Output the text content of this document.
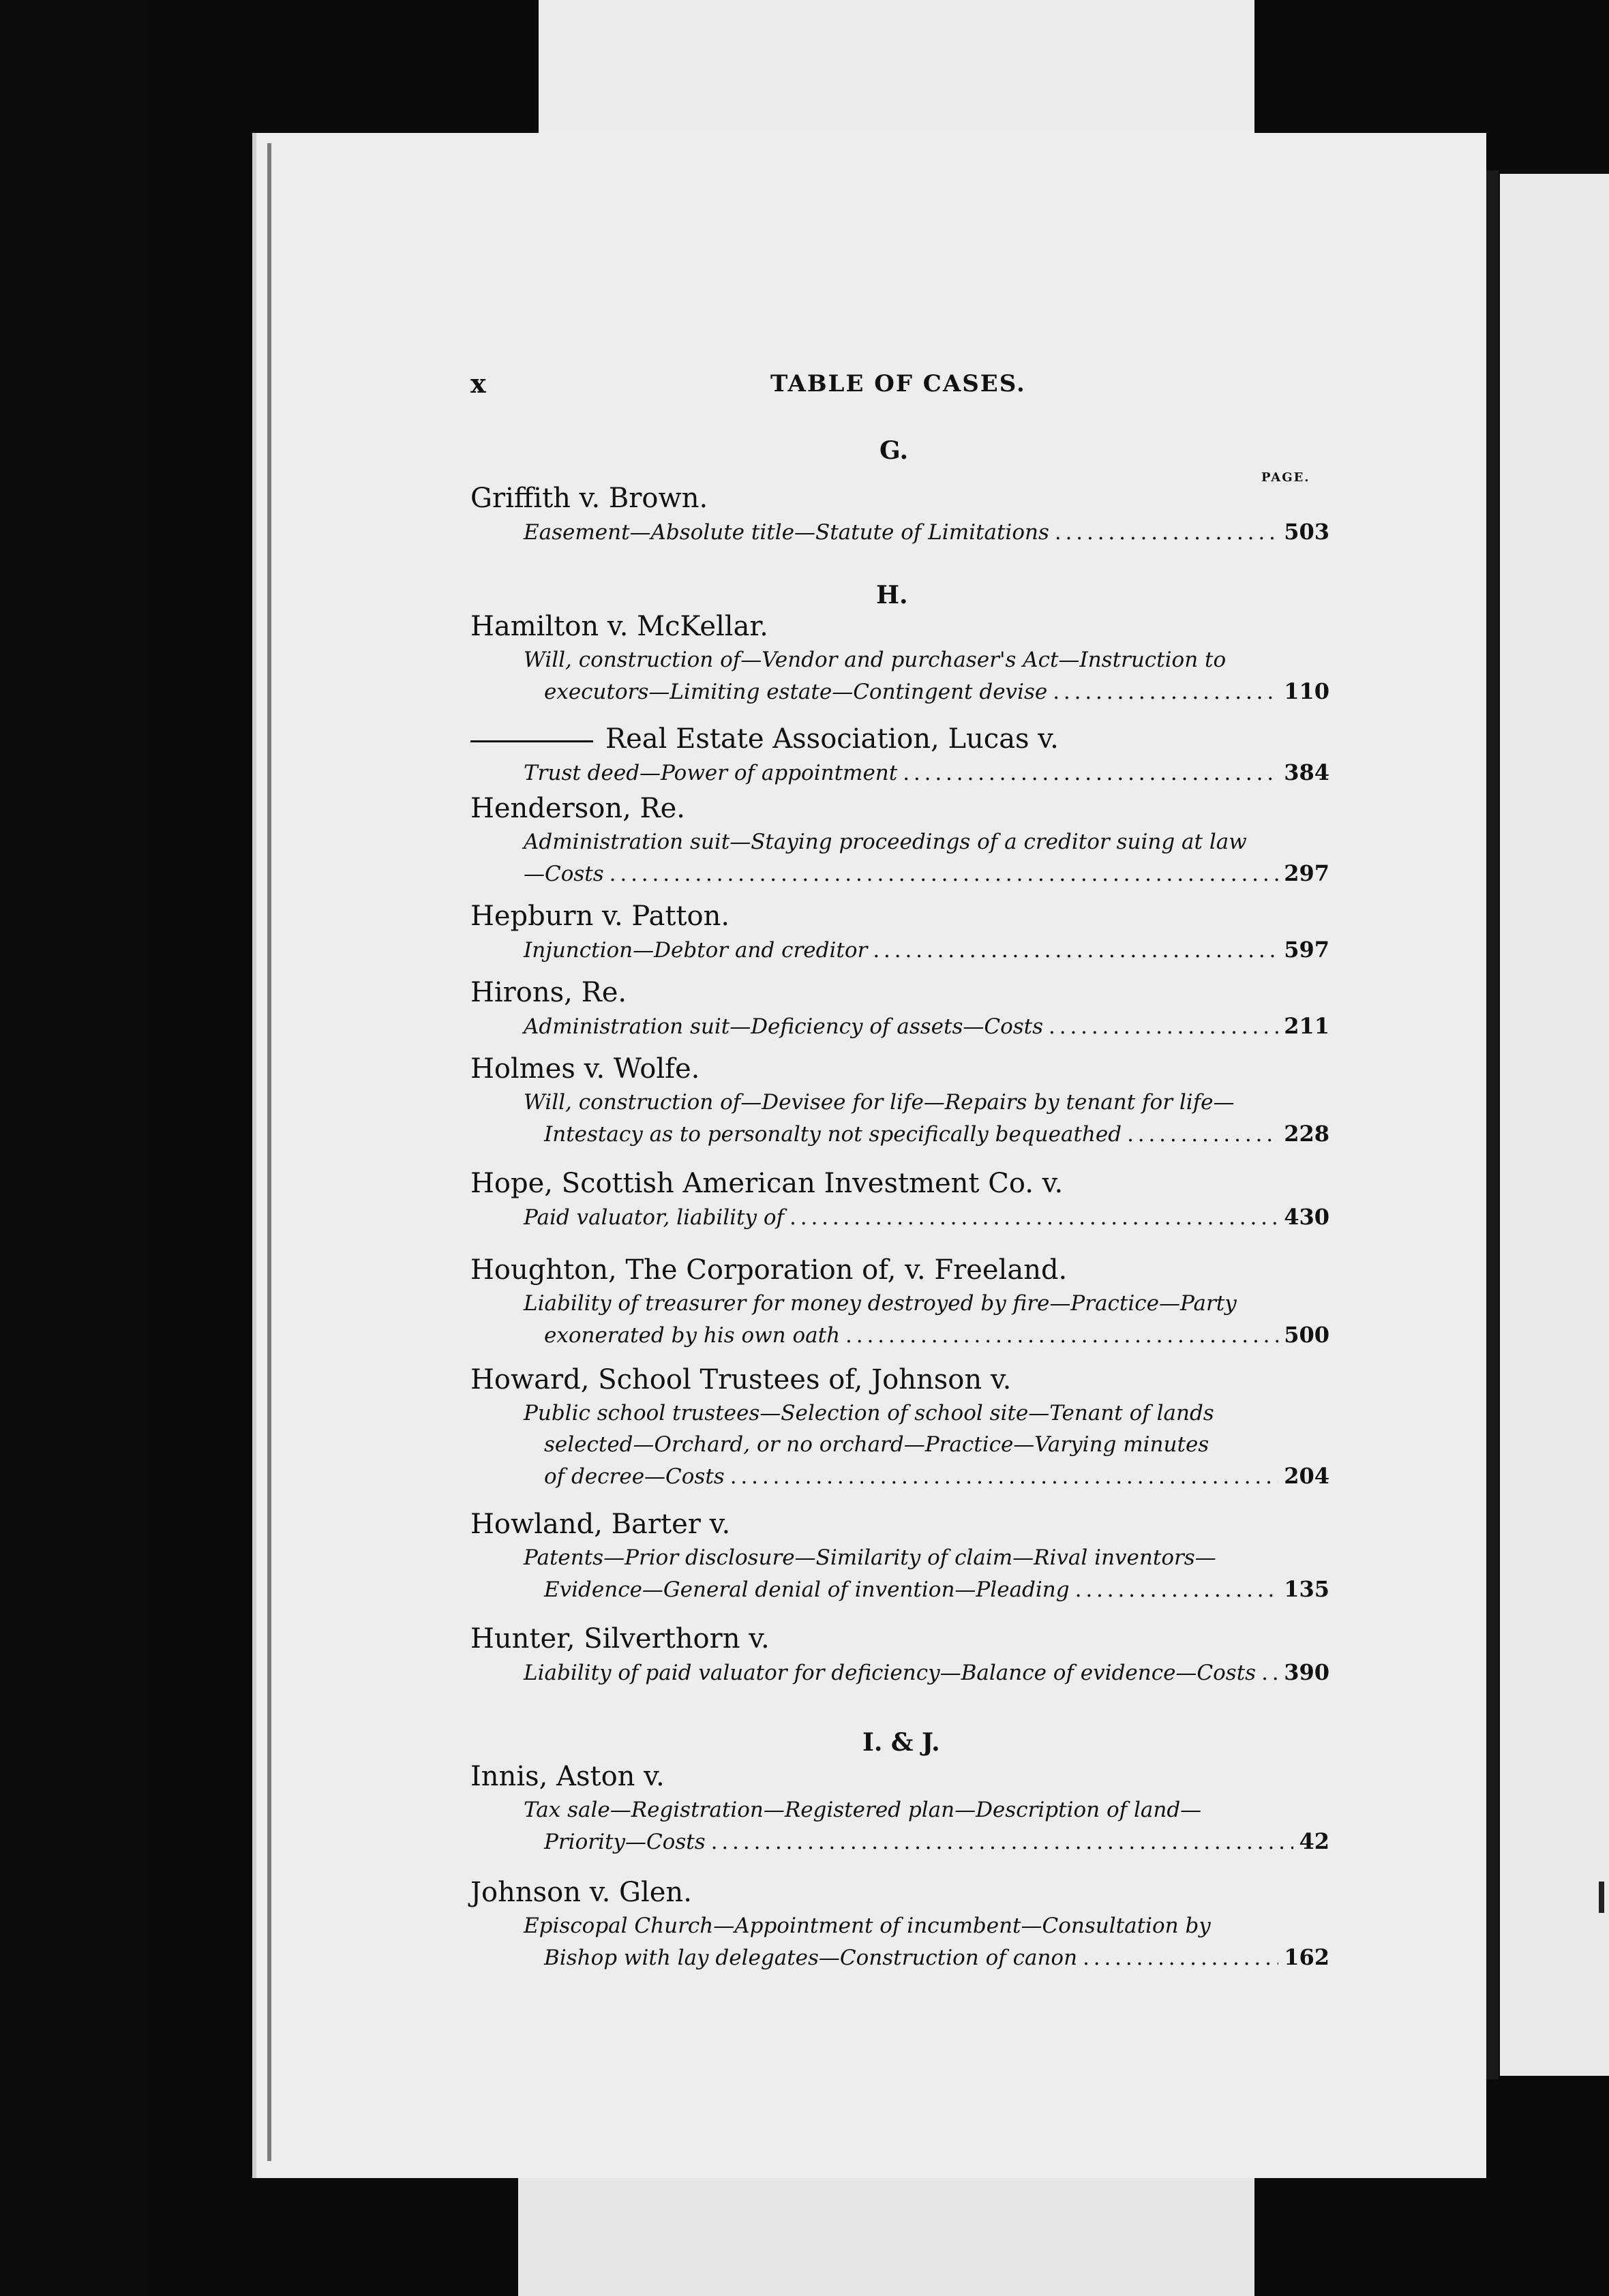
x	TABLE OF CASES.
G.
PAGE.
Griffith v. Brown.
Easement—Absolute title—Statute of Limitations . . .	503
H.
Hamilton v. McKellar.
Will, construction of—Vendor and purchaser's Act—Instruction to
executors—Limiting estate—Contingent devise . . .	110
Real Estate Association, Lucas v.
Trust deed—Power of appointment . . .	384
Henderson, Re.
Administration suit—Staying proceedings of a creditor suing at law
—Costs . . .	297
Hepburn v. Patton.
Injunction—Debtor and creditor . . .	597
Hirons, Re.
Administration suit—Deficiency of assets—Costs . . .	211
Holmes v. Wolfe.
Will, construction of—Devisee for life—Repairs by tenant for life—
Intestacy as to personalty not specifically bequeathed . . .	228
Hope, Scottish American Investment Co. v.
Paid valuator, liability of . . .	430
Houghton, The Corporation of, v. Freeland.
Liability of treasurer for money destroyed by fire—Practice—Party
exonerated by his own oath . . .	500
Howard, School Trustees of, Johnson v.
Public school trustees—Selection of school site—Tenant of lands
selected—Orchard, or no orchard—Practice—Varying minutes
of decree—Costs . . .	204
Howland, Barter v.
Patents—Prior disclosure—Similarity of claim—Rival inventors—
Evidence—General denial of invention—Pleading . . .	135
Hunter, Silverthorn v.
Liability of paid valuator for deficiency—Balance of evidence—Costs . . . 390
I. & J.
Innis, Aston v.
Tax sale—Registration—Registered plan—Description of land—
Priority—Costs . . .	42
Johnson v. Glen.
Episcopal Church—Appointment of incumbent—Consultation by
Bishop with lay delegates—Construction of canon . . .	162
